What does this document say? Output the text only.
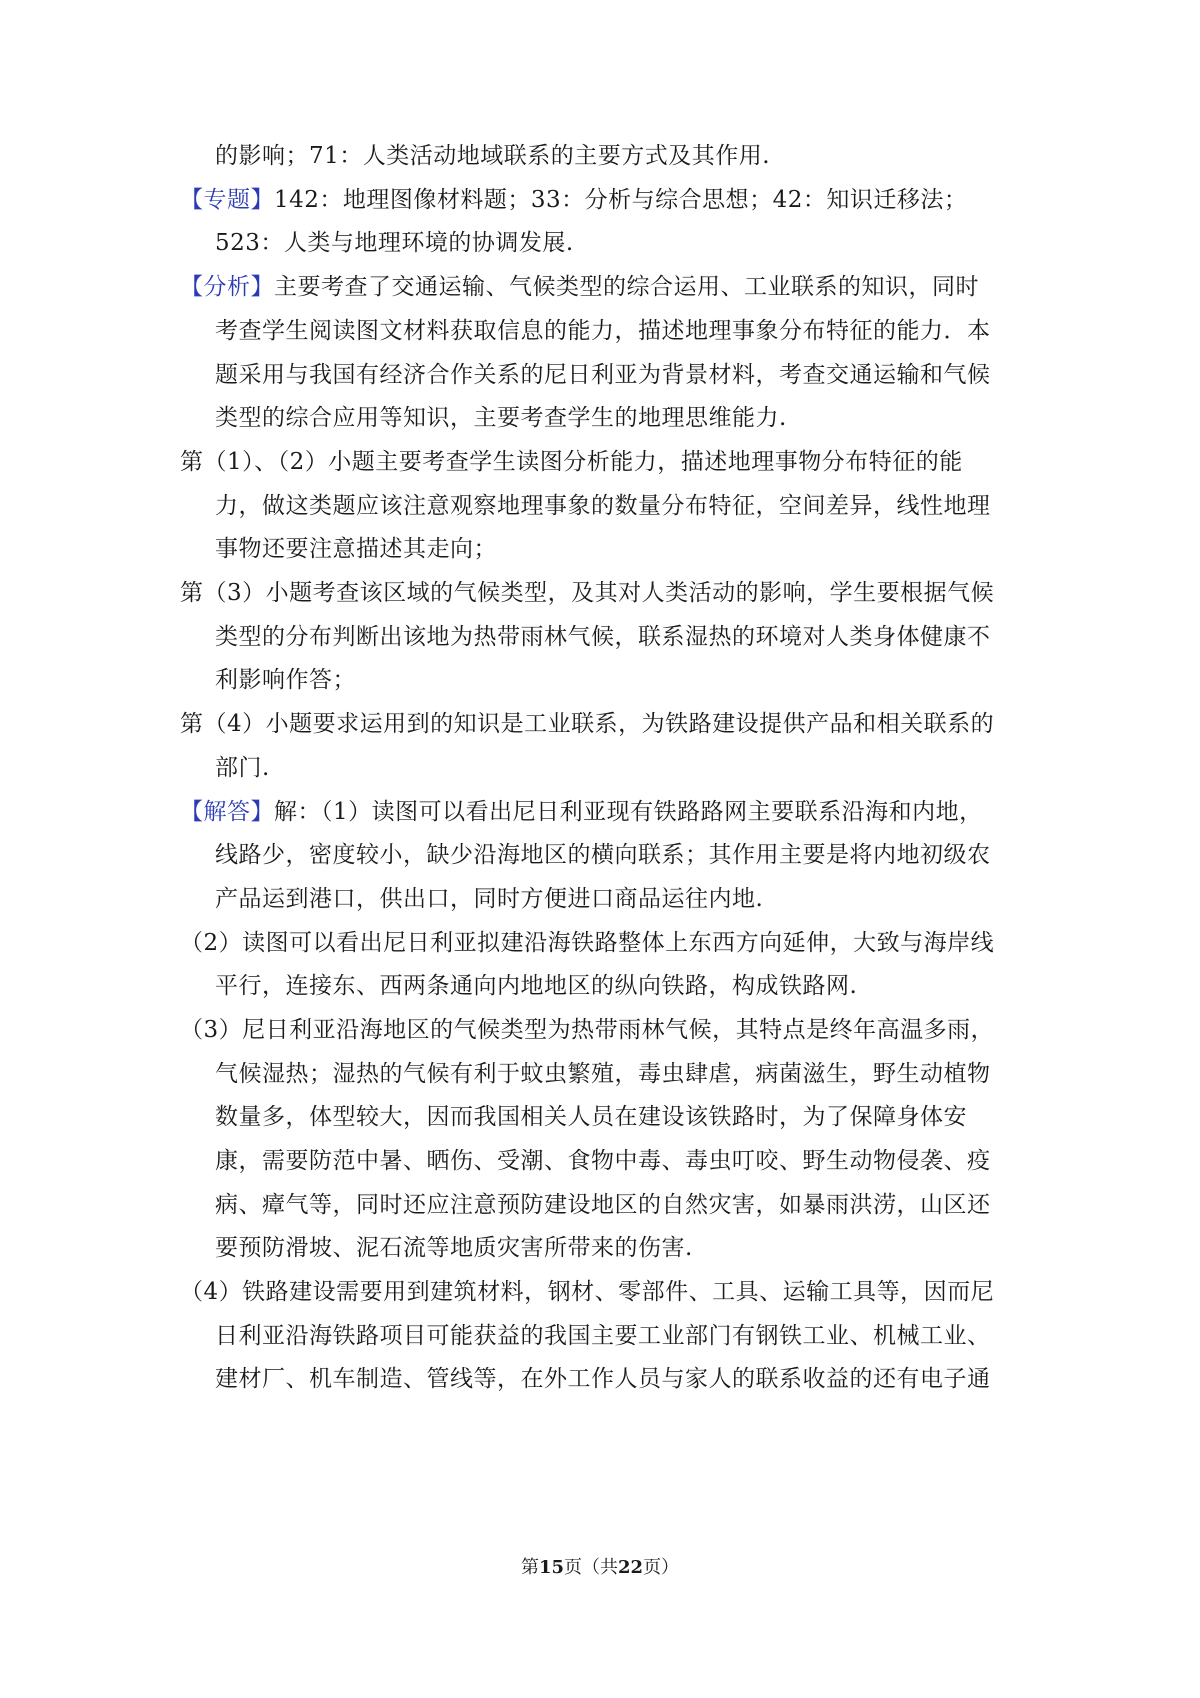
的影响；71：人类活动地域联系的主要方式及其作用.
【专题】142：地理图像材料题；33：分析与综合思想；42：知识迁移法；
523：人类与地理环境的协调发展.
【分析】主要考查了交通运输、气候类型的综合运用、工业联系的知识，同时
考查学生阅读图文材料获取信息的能力，描述地理事象分布特征的能力．本
题采用与我国有经济合作关系的尼日利亚为背景材料，考查交通运输和气候
类型的综合应用等知识，主要考查学生的地理思维能力.
第（1）、（2）小题主要考查学生读图分析能力，描述地理事物分布特征的能
力，做这类题应该注意观察地理事象的数量分布特征，空间差异，线性地理
事物还要注意描述其走向；
第（3）小题考查该区域的气候类型，及其对人类活动的影响，学生要根据气候
类型的分布判断出该地为热带雨林气候，联系湿热的环境对人类身体健康不
利影响作答；
第（4）小题要求运用到的知识是工业联系，为铁路建设提供产品和相关联系的
部门.
【解答】解：（1）读图可以看出尼日利亚现有铁路路网主要联系沿海和内地，
线路少，密度较小，缺少沿海地区的横向联系；其作用主要是将内地初级农
产品运到港口，供出口，同时方便进口商品运往内地.
（2）读图可以看出尼日利亚拟建沿海铁路整体上东西方向延伸，大致与海岸线
平行，连接东、西两条通向内地地区的纵向铁路，构成铁路网.
（3）尼日利亚沿海地区的气候类型为热带雨林气候，其特点是终年高温多雨，
气候湿热；湿热的气候有利于蚊虫繁殖，毒虫肆虐，病菌滋生，野生动植物
数量多，体型较大，因而我国相关人员在建设该铁路时，为了保障身体安
康，需要防范中暑、晒伤、受潮、食物中毒、毒虫叮咬、野生动物侵袭、疫
病、瘴气等，同时还应注意预防建设地区的自然灾害，如暴雨洪涝，山区还
要预防滑坡、泥石流等地质灾害所带来的伤害.
（4）铁路建设需要用到建筑材料，钢材、零部件、工具、运输工具等，因而尼
日利亚沿海铁路项目可能获益的我国主要工业部门有钢铁工业、机械工业、
建材厂、机车制造、管线等，在外工作人员与家人的联系收益的还有电子通
第15页（共22页）
